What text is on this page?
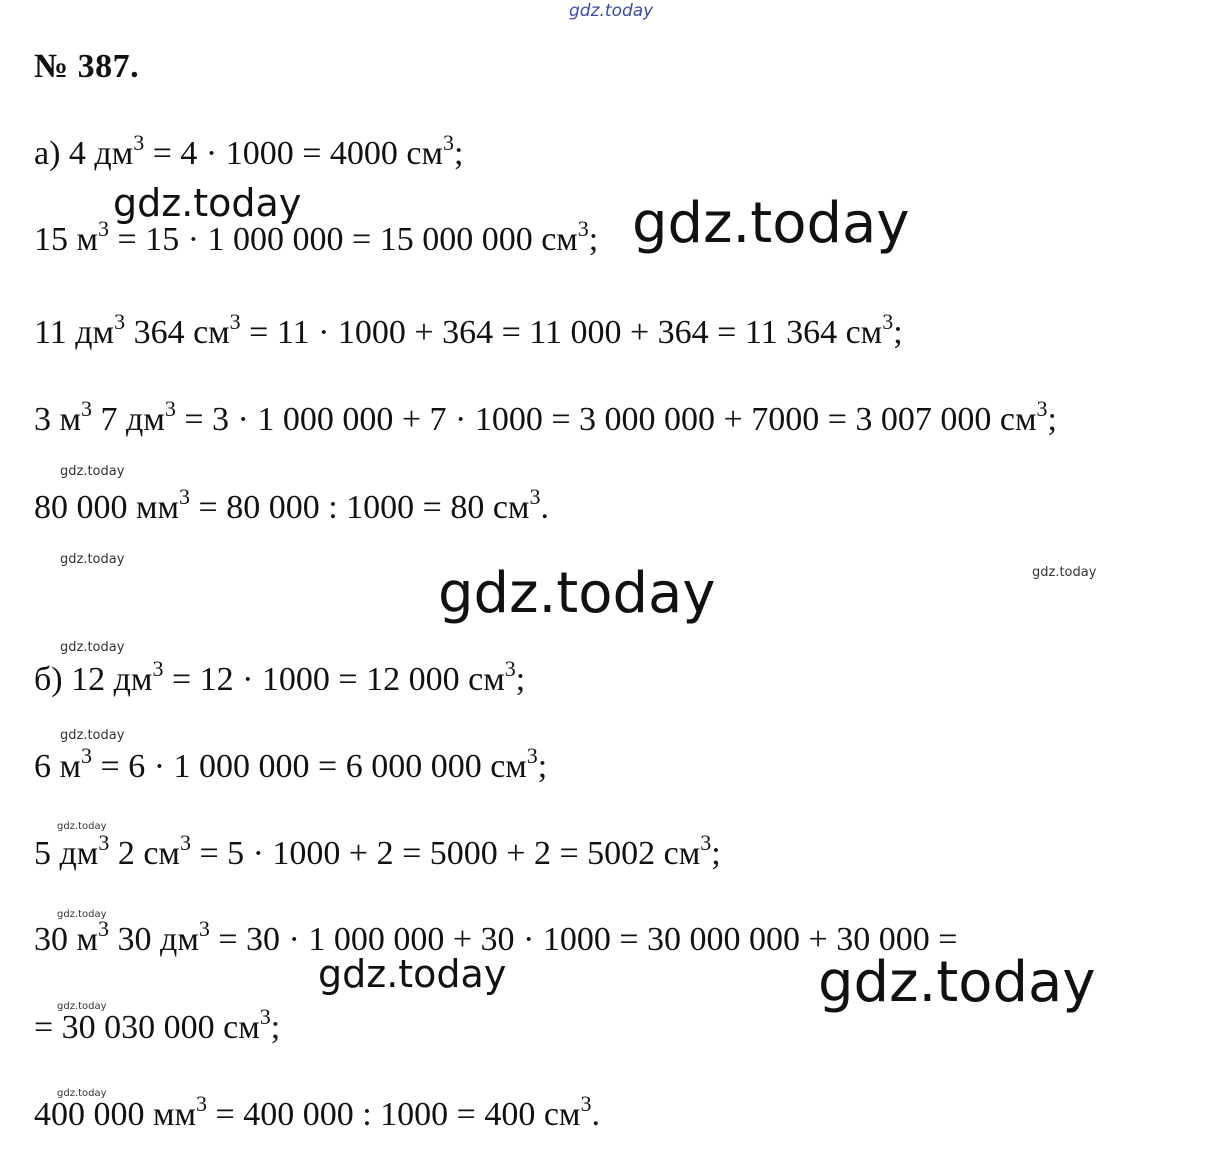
gdz.today
gdz.today	gdz.today
gdz.today
gdz.today
gdz.today
gdz.today
gdz.today
gdz.today
gdz.today
gdz.today
gdz.today	gdz.today
gdz.today
gdz.today
№ 387.
а) 4 $дм^3 = 4 \cdot 1000 = 4000$ $см^3$;
15 $м^3 = 15 \cdot 1$ 000 000 = 15 000 000 $см^3$;
11 $дм^3$ 364 $см^3 = 11 \cdot 1000 + 364 = 11$ 000 + 364 = 11 364 $см^3$;
3 $м^3$ 7 $дм^3 = 3 \cdot 1$ 000 000 + 7 · 1000 = 3 000 000 + 7000 = 3 007 000 $см^3$;
80 000 $мм^3 = 80$ 000 : 1000 = 80 $см^3$.
б) 12 $дм^3 = 12 \cdot 1000 = 12$ 000 $см^3$;
6 $м^3 = 6 \cdot 1$ 000 000 = 6 000 000 $см^3$;
5 $дм^3$ 2 $см^3 = 5 \cdot 1000 + 2 = 5000 + 2 = 5002$ $см^3$;
30 $м^3$ 30 $дм^3 = 30 \cdot 1$ 000 000 + 30 · 1000 = 30 000 000 + 30 000 =
= 30 030 000 $см^3$;
400 000 $мм^3 = 400$ 000 : 1000 = 400 $см^3$.
